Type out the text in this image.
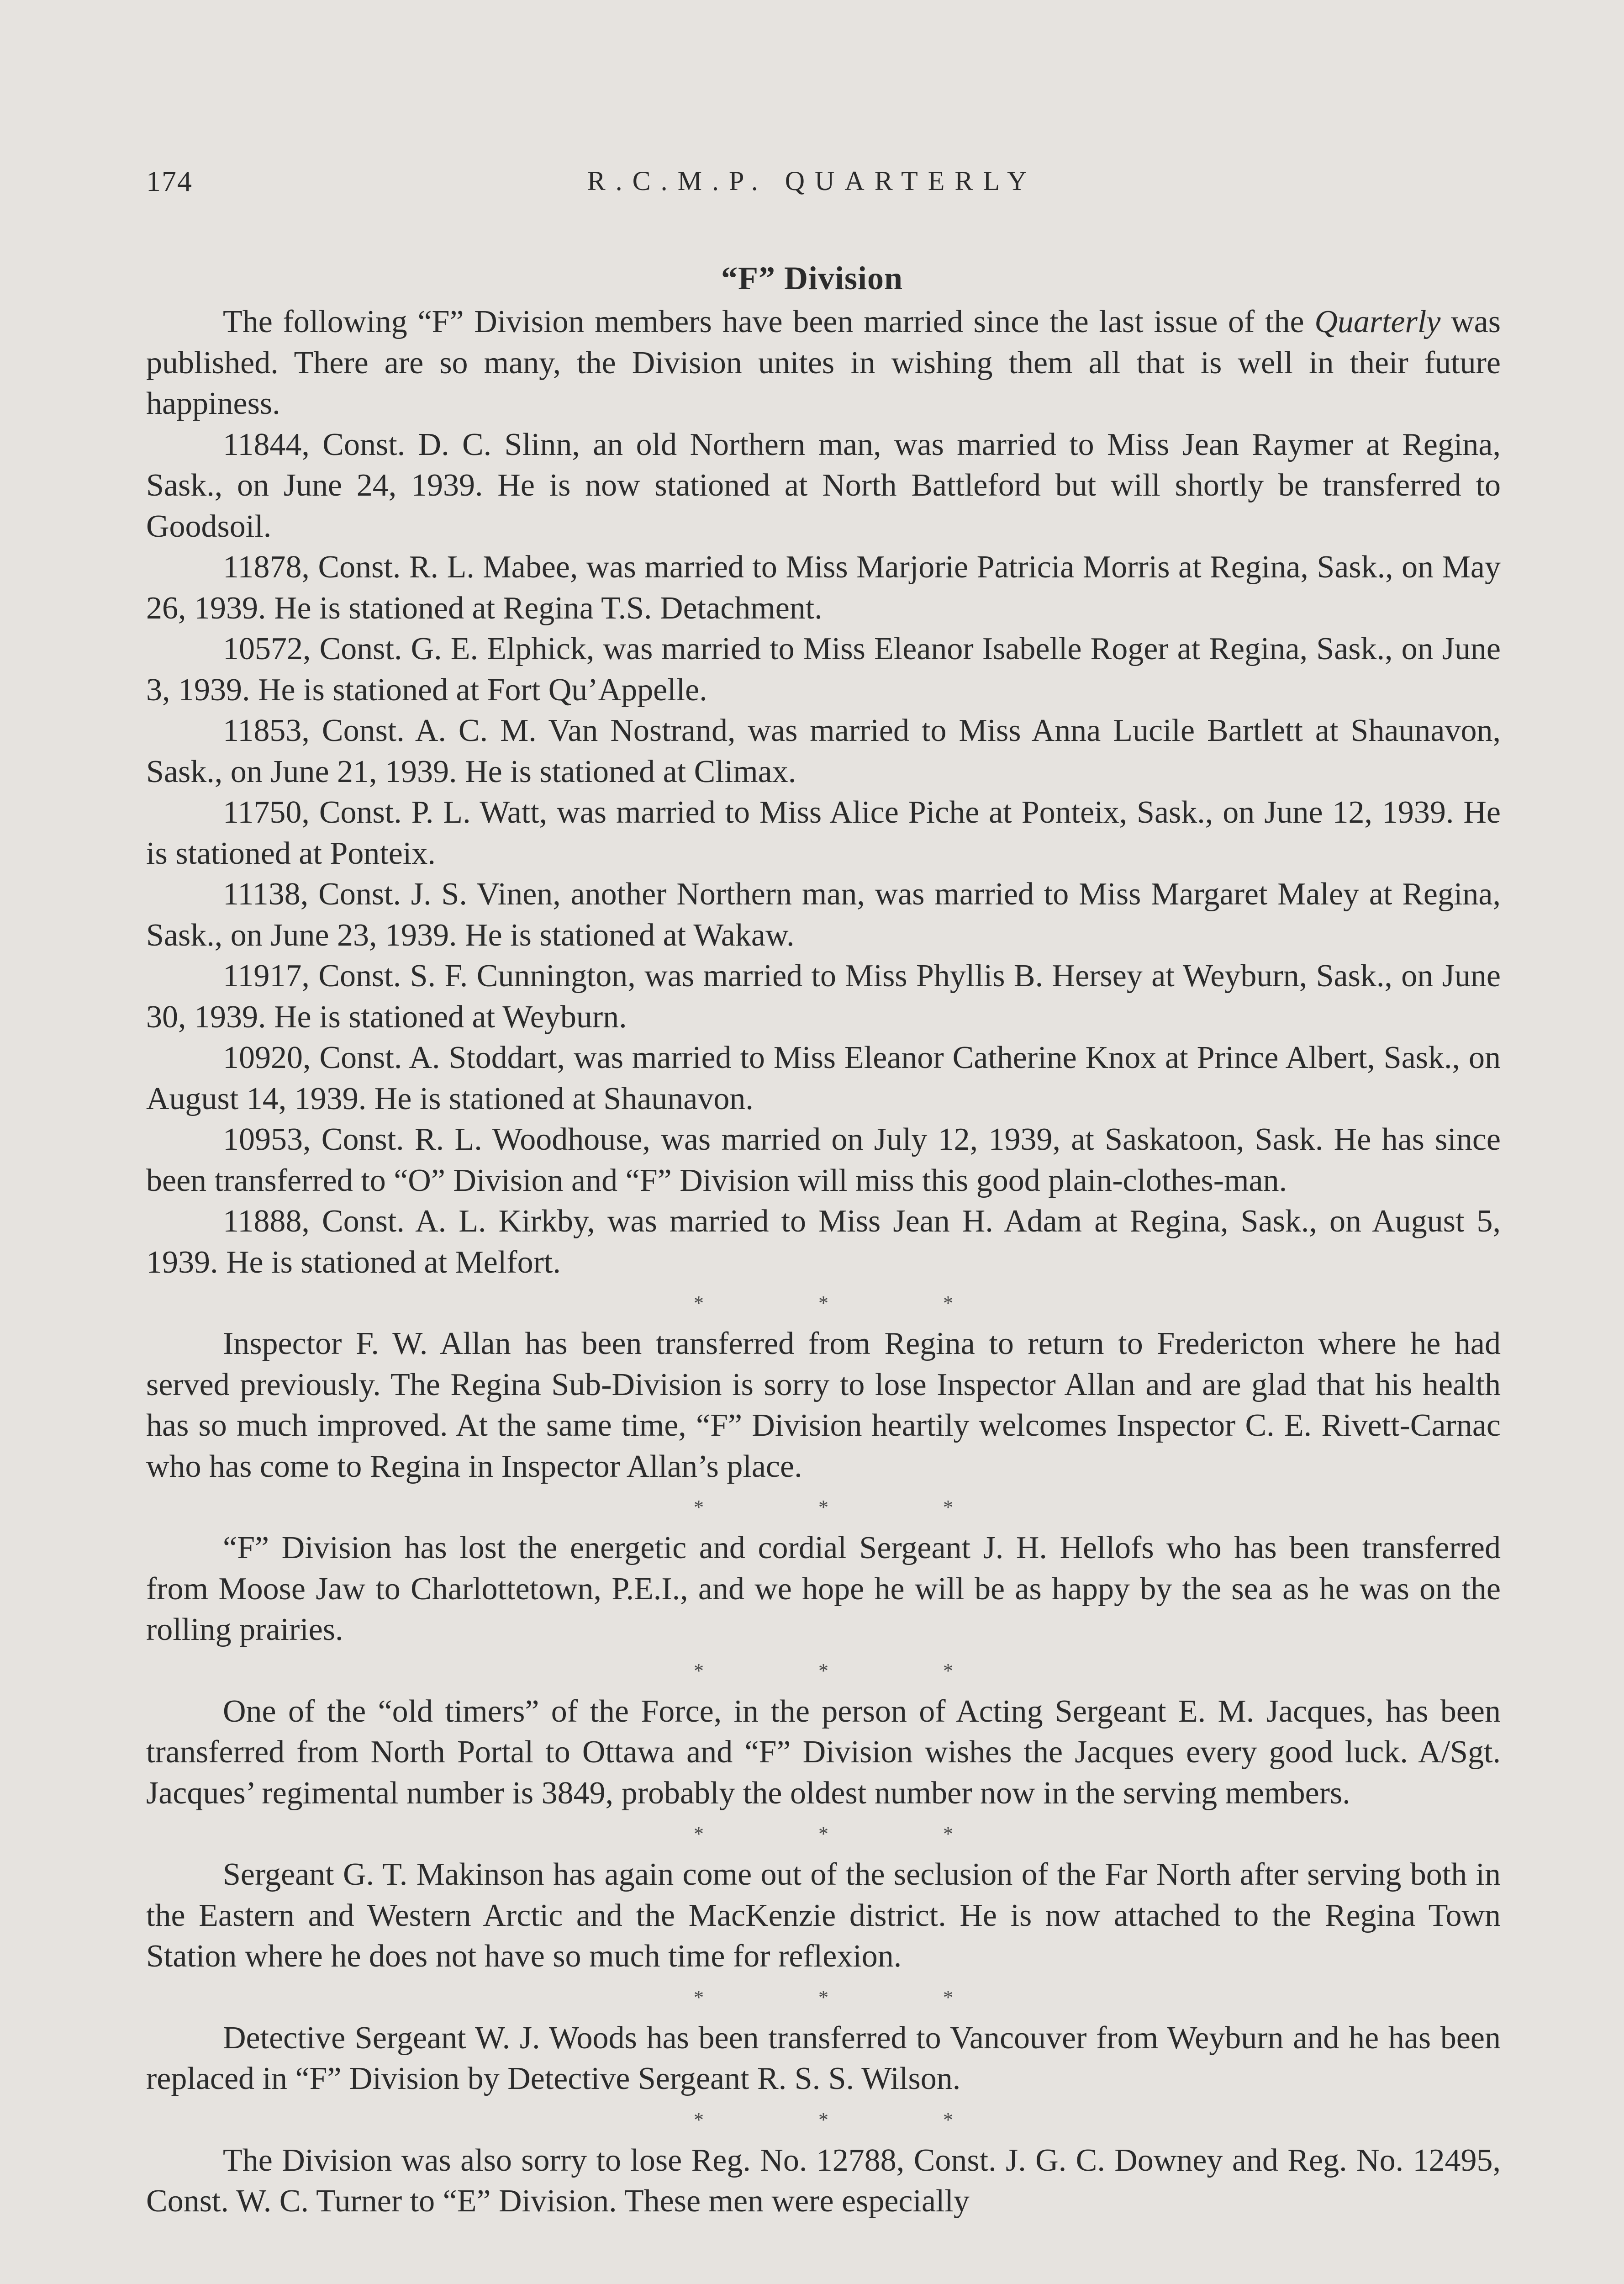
174	R.C.M.P. QUARTERLY
“F” Division

The following “F” Division members have been married since the last issue of the Quarterly was published. There are so many, the Division unites in wishing them all that is well in their future happiness.

11844, Const. D. C. Slinn, an old Northern man, was married to Miss Jean Raymer at Regina, Sask., on June 24, 1939. He is now stationed at North Battleford but will shortly be transferred to Goodsoil.

11878, Const. R. L. Mabee, was married to Miss Marjorie Patricia Morris at Regina, Sask., on May 26, 1939. He is stationed at Regina T.S. Detachment.

10572, Const. G. E. Elphick, was married to Miss Eleanor Isabelle Roger at Regina, Sask., on June 3, 1939. He is stationed at Fort Qu’Appelle.

11853, Const. A. C. M. Van Nostrand, was married to Miss Anna Lucile Bartlett at Shaunavon, Sask., on June 21, 1939. He is stationed at Climax.

11750, Const. P. L. Watt, was married to Miss Alice Piche at Ponteix, Sask., on June 12, 1939. He is stationed at Ponteix.

11138, Const. J. S. Vinen, another Northern man, was married to Miss Margaret Maley at Regina, Sask., on June 23, 1939. He is stationed at Wakaw.

11917, Const. S. F. Cunnington, was married to Miss Phyllis B. Hersey at Weyburn, Sask., on June 30, 1939. He is stationed at Weyburn.

10920, Const. A. Stoddart, was married to Miss Eleanor Catherine Knox at Prince Albert, Sask., on August 14, 1939. He is stationed at Shaunavon.

10953, Const. R. L. Woodhouse, was married on July 12, 1939, at Saskatoon, Sask. He has since been transferred to “O” Division and “F” Division will miss this good plain-clothes-man.

11888, Const. A. L. Kirkby, was married to Miss Jean H. Adam at Regina, Sask., on August 5, 1939. He is stationed at Melfort.

* * *

Inspector F. W. Allan has been transferred from Regina to return to Fredericton where he had served previously. The Regina Sub-Division is sorry to lose Inspector Allan and are glad that his health has so much improved. At the same time, “F” Division heartily welcomes Inspector C. E. Rivett-Carnac who has come to Regina in Inspector Allan’s place.

* * *

“F” Division has lost the energetic and cordial Sergeant J. H. Hellofs who has been transferred from Moose Jaw to Charlottetown, P.E.I., and we hope he will be as happy by the sea as he was on the rolling prairies.

* * *

One of the “old timers” of the Force, in the person of Acting Sergeant E. M. Jacques, has been transferred from North Portal to Ottawa and “F” Division wishes the Jacques every good luck. A/Sgt. Jacques’ regimental number is 3849, probably the oldest number now in the serving members.

* * *

Sergeant G. T. Makinson has again come out of the seclusion of the Far North after serving both in the Eastern and Western Arctic and the MacKenzie district. He is now attached to the Regina Town Station where he does not have so much time for reflexion.

* * *

Detective Sergeant W. J. Woods has been transferred to Vancouver from Weyburn and he has been replaced in “F” Division by Detective Sergeant R. S. S. Wilson.

* * *

The Division was also sorry to lose Reg. No. 12788, Const. J. G. C. Downey and Reg. No. 12495, Const. W. C. Turner to “E” Division. These men were especially
